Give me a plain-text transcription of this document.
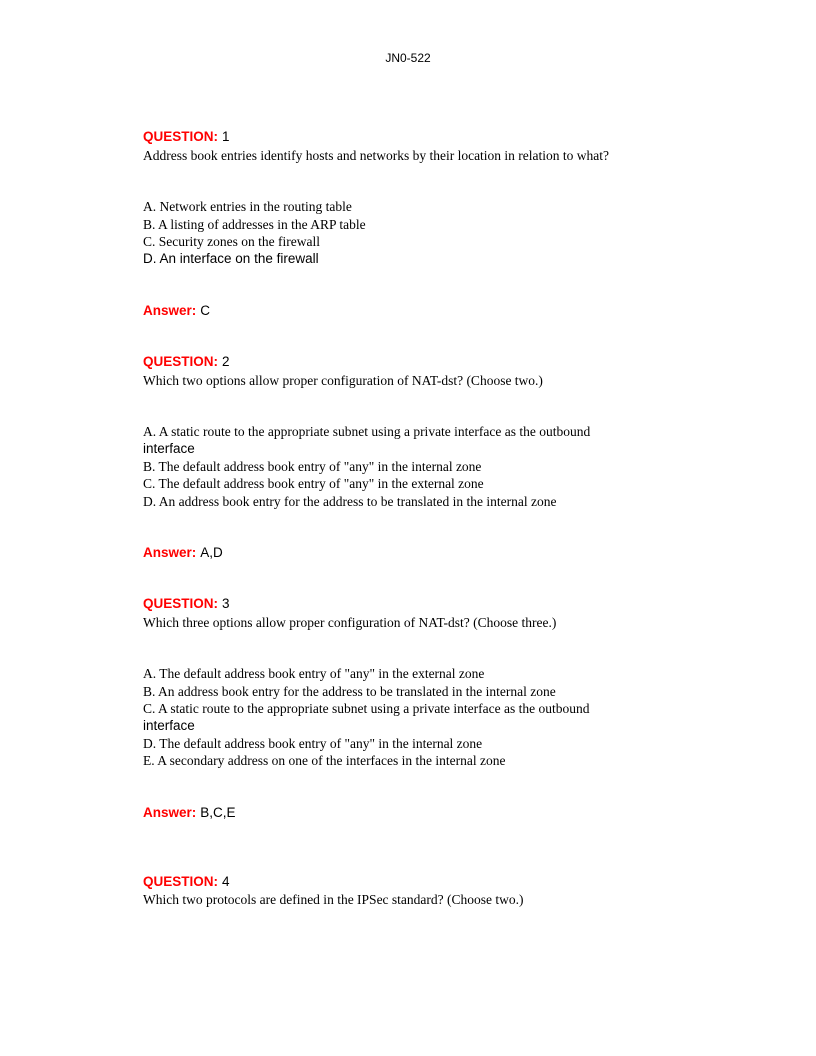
JN0-522
QUESTION: 1
Address book entries identify hosts and networks by their location in relation to what?
A. Network entries in the routing table
B. A listing of addresses in the ARP table
C. Security zones on the firewall
D. An interface on the firewall
Answer: C
QUESTION: 2
Which two options allow proper configuration of NAT-dst? (Choose two.)
A. A static route to the appropriate subnet using a private interface as the outbound
interface
B. The default address book entry of "any" in the internal zone
C. The default address book entry of "any" in the external zone
D. An address book entry for the address to be translated in the internal zone
Answer: A,D
QUESTION: 3
Which three options allow proper configuration of NAT-dst? (Choose three.)
A. The default address book entry of "any" in the external zone
B. An address book entry for the address to be translated in the internal zone
C. A static route to the appropriate subnet using a private interface as the outbound
interface
D. The default address book entry of "any" in the internal zone
E. A secondary address on one of the interfaces in the internal zone
Answer: B,C,E
QUESTION: 4
Which two protocols are defined in the IPSec standard? (Choose two.)
